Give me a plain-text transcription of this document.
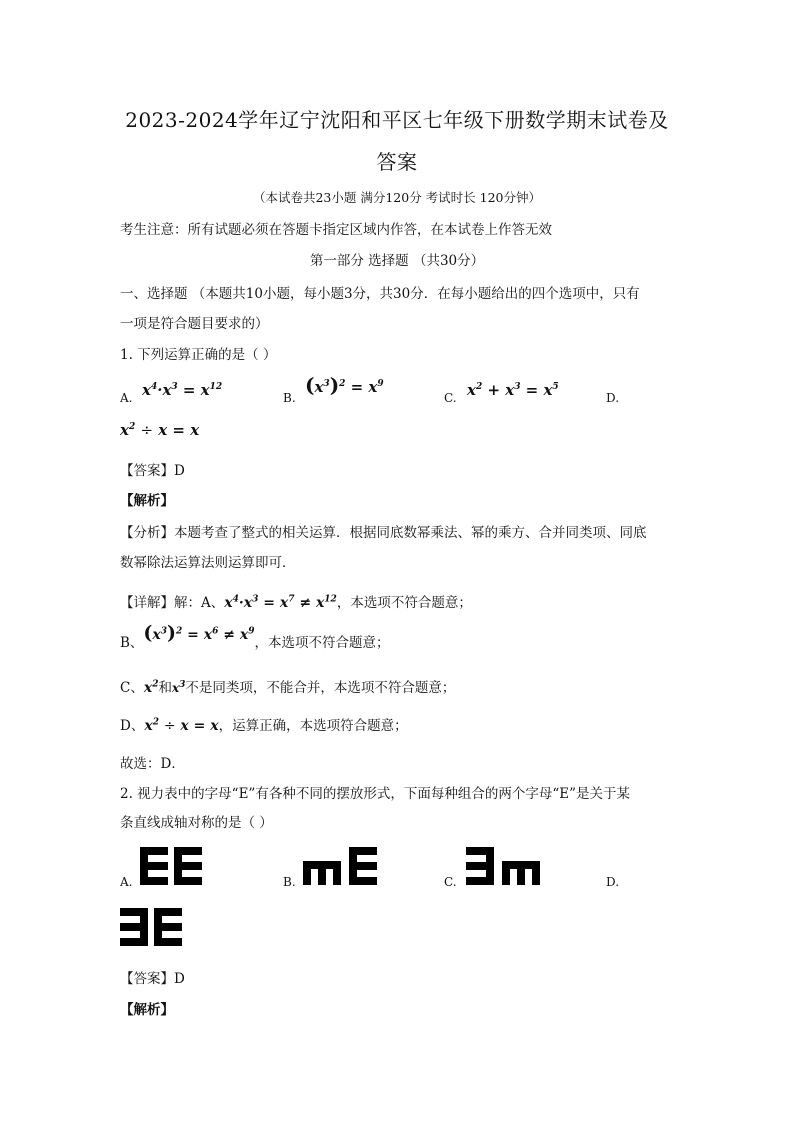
2023-2024学年辽宁沈阳和平区七年级下册数学期末试卷及
答案
（本试卷共23小题 满分120分 考试时长 120分钟）
考生注意：所有试题必须在答题卡指定区域内作答，在本试卷上作答无效
第一部分 选择题 （共30分）
一、选择题 （本题共10小题，每小题3分，共30分．在每小题给出的四个选项中，只有
一项是符合题目要求的）
1. 下列运算正确的是（ ）
A. $x^4\cdot x^3 = x^{12}$
B.
$(x^3)^2 = x^9$
C. $x^2 + x^3 = x^5$
D.
$x^2 \div x = x$
【答案】D
【解析】
【分析】本题考查了整式的相关运算．根据同底数幂乘法、幂的乘方、合并同类项、同底
数幂除法运算法则运算即可．
【详解】解：A、$x^4\cdot x^3 = x^7 \ne x^{12}$，本选项不符合题意；
B、$(x^3)^2 = x^6 \ne x^9$，本选项不符合题意；
C、$x^2$和$x^3$不是同类项，不能合并，本选项不符合题意；
D、$x^2 \div x = x$，运算正确，本选项符合题意；
故选：D．
2. 视力表中的字母“E”有各种不同的摆放形式，下面每种组合的两个字母“E”是关于某
条直线成轴对称的是（ ）
A.	B.	C.	D.
【答案】D
【解析】
